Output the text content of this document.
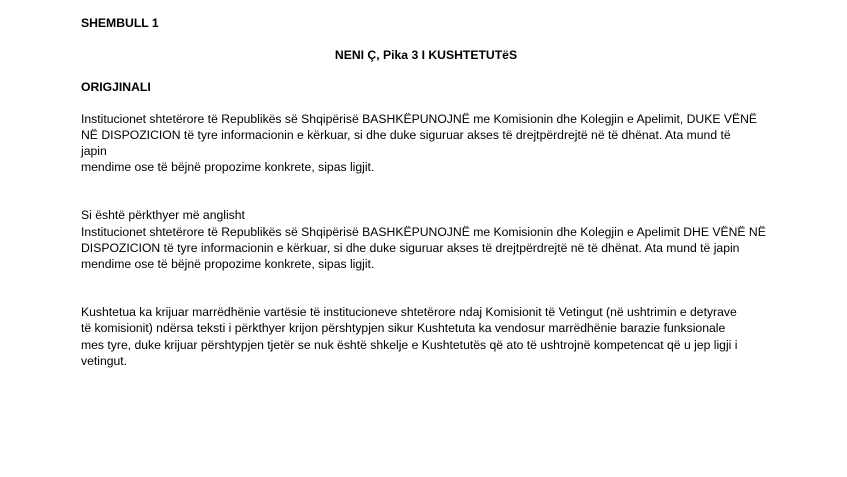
SHEMBULL 1

NENI Ç, Pika 3 I KUSHTETUTëS

ORIGJINALI

Institucionet shtetërore të Republikës së Shqipërisë BASHKËPUNOJNË me Komisionin dhe Kolegjin e Apelimit, DUKE VËNË

NË DISPOZICION të tyre informacionin e kërkuar, si dhe duke siguruar akses të drejtpërdrejtë në të dhënat. Ata mund të

japin

mendime ose të bëjnë propozime konkrete, sipas ligjit.

Si është përkthyer më anglisht

Institucionet shtetërore të Republikës së Shqipërisë BASHKËPUNOJNË me Komisionin dhe Kolegjin e Apelimit DHE VËNË NË

DISPOZICION të tyre informacionin e kërkuar, si dhe duke siguruar akses të drejtpërdrejtë në të dhënat. Ata mund të japin

mendime ose të bëjnë propozime konkrete, sipas ligjit.

Kushtetua ka krijuar marrëdhënie vartësie të institucioneve shtetërore ndaj Komisionit të Vetingut (në ushtrimin e detyrave

të komisionit) ndërsa teksti i përkthyer krijon përshtypjen sikur Kushtetuta ka vendosur marrëdhënie barazie funksionale

mes tyre, duke krijuar përshtypjen tjetër se nuk është shkelje e Kushtetutës që ato të ushtrojnë kompetencat që u jep ligji i

vetingut.
